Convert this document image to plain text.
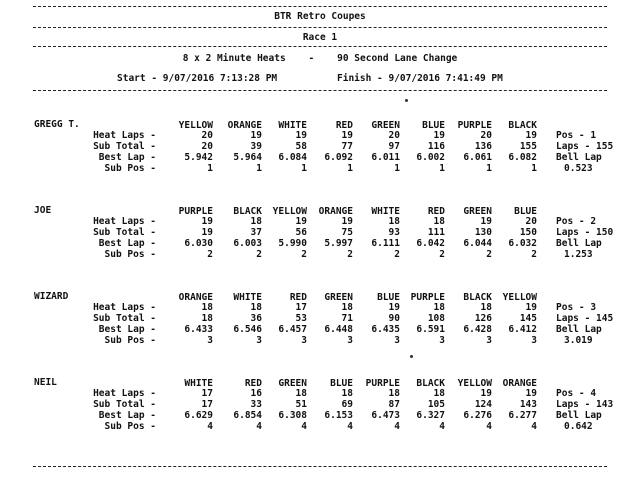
BTR Retro Coupes
Race 1
8 x 2 Minute Heats    -    90 Second Lane Change
Start - 9/07/2016 7:13:28 PM	Finish - 9/07/2016 7:41:49 PM
GREGG T.	YELLOW ORANGE WHITE	RED GREEN BLUE PURPLE BLACK
Heat Laps -	20	19	19	19	20	19	20	19
Sub Total -	20	39	58	77	97	116	136	155
Best Lap -	5.942 5.964 6.084 6.092 6.011 6.002 6.061 6.082
Sub Pos -	1	1	1	1	1	1	1	1
Pos - 1
Laps - 155
Bell Lap
0.523
JOE	PURPLE BLACK YELLOW ORANGE WHITE	RED GREEN BLUE
Heat Laps -	19	18	19	19	18	18	19	20
Sub Total -	19	37	56	75	93	111	130	150
Best Lap -	6.030 6.003 5.990 5.997 6.111 6.042 6.044 6.032
Sub Pos -	2	2	2	2	2	2	2	2
Pos - 2
Laps - 150
Bell Lap
1.253
WIZARD	ORANGE WHITE	RED GREEN	BLUE PURPLE BLACK YELLOW
Heat Laps -	18	18	17	18	19	18	18	19
Sub Total -	18	36	53	71	90	108	126	145
Best Lap -	6.433 6.546 6.457 6.448 6.435 6.591 6.428 6.412
Sub Pos -	3	3	3	3	3	3	3	3
Pos - 3
Laps - 145
Bell Lap
3.019
NEIL	WHITE	RED GREEN BLUE PURPLE BLACK YELLOW ORANGE
Heat Laps -	17	16	18	18	18	18	19	19
Sub Total -	17	33	51	69	87	105	124	143
Best Lap -	6.629 6.854 6.308 6.153 6.473 6.327 6.276 6.277
Sub Pos -	4	4	4	4	4	4	4	4
Pos - 4
Laps - 143
Bell Lap
0.642
